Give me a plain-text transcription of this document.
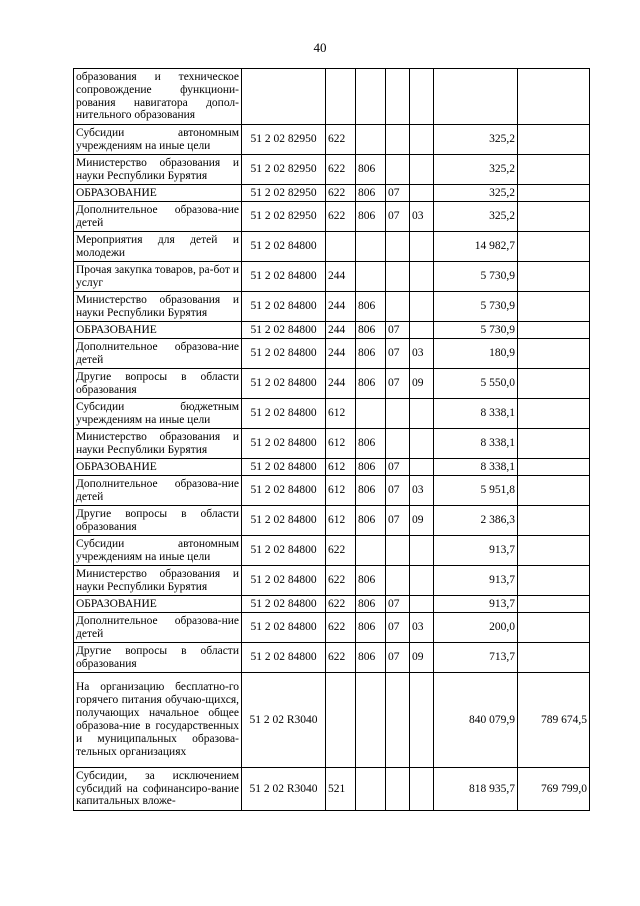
40
образования и техническое сопровождение функциони-рования навигатора допол-нительного образования							
Субсидии автономным учреждениям на иные цели	51 2 02 82950	622				325,2	
Министерство образования и науки Республики Бурятия	51 2 02 82950	622	806			325,2	
ОБРАЗОВАНИЕ	51 2 02 82950	622	806	07		325,2	
Дополнительное образова-ние детей	51 2 02 82950	622	806	07	03	325,2	
Мероприятия для детей и молодежи	51 2 02 84800					14 982,7	
Прочая закупка товаров, ра-бот и услуг	51 2 02 84800	244				5 730,9	
Министерство образования и науки Республики Бурятия	51 2 02 84800	244	806			5 730,9	
ОБРАЗОВАНИЕ	51 2 02 84800	244	806	07		5 730,9	
Дополнительное образова-ние детей	51 2 02 84800	244	806	07	03	180,9	
Другие вопросы в области образования	51 2 02 84800	244	806	07	09	5 550,0	
Субсидии бюджетным учреждениям на иные цели	51 2 02 84800	612				8 338,1	
Министерство образования и науки Республики Бурятия	51 2 02 84800	612	806			8 338,1	
ОБРАЗОВАНИЕ	51 2 02 84800	612	806	07		8 338,1	
Дополнительное образова-ние детей	51 2 02 84800	612	806	07	03	5 951,8	
Другие вопросы в области образования	51 2 02 84800	612	806	07	09	2 386,3	
Субсидии автономным учреждениям на иные цели	51 2 02 84800	622				913,7	
Министерство образования и науки Республики Бурятия	51 2 02 84800	622	806			913,7	
ОБРАЗОВАНИЕ	51 2 02 84800	622	806	07		913,7	
Дополнительное образова-ние детей	51 2 02 84800	622	806	07	03	200,0	
Другие вопросы в области образования	51 2 02 84800	622	806	07	09	713,7	
На организацию бесплатно-го горячего питания обучаю-щихся, получающих начальное общее образова-ние в государственных и муниципальных образова-тельных организациях	51 2 02 R3040					840 079,9	789 674,5
Субсидии, за исключением субсидий на софинансиро-вание капитальных вложе-	51 2 02 R3040	521				818 935,7	769 799,0
